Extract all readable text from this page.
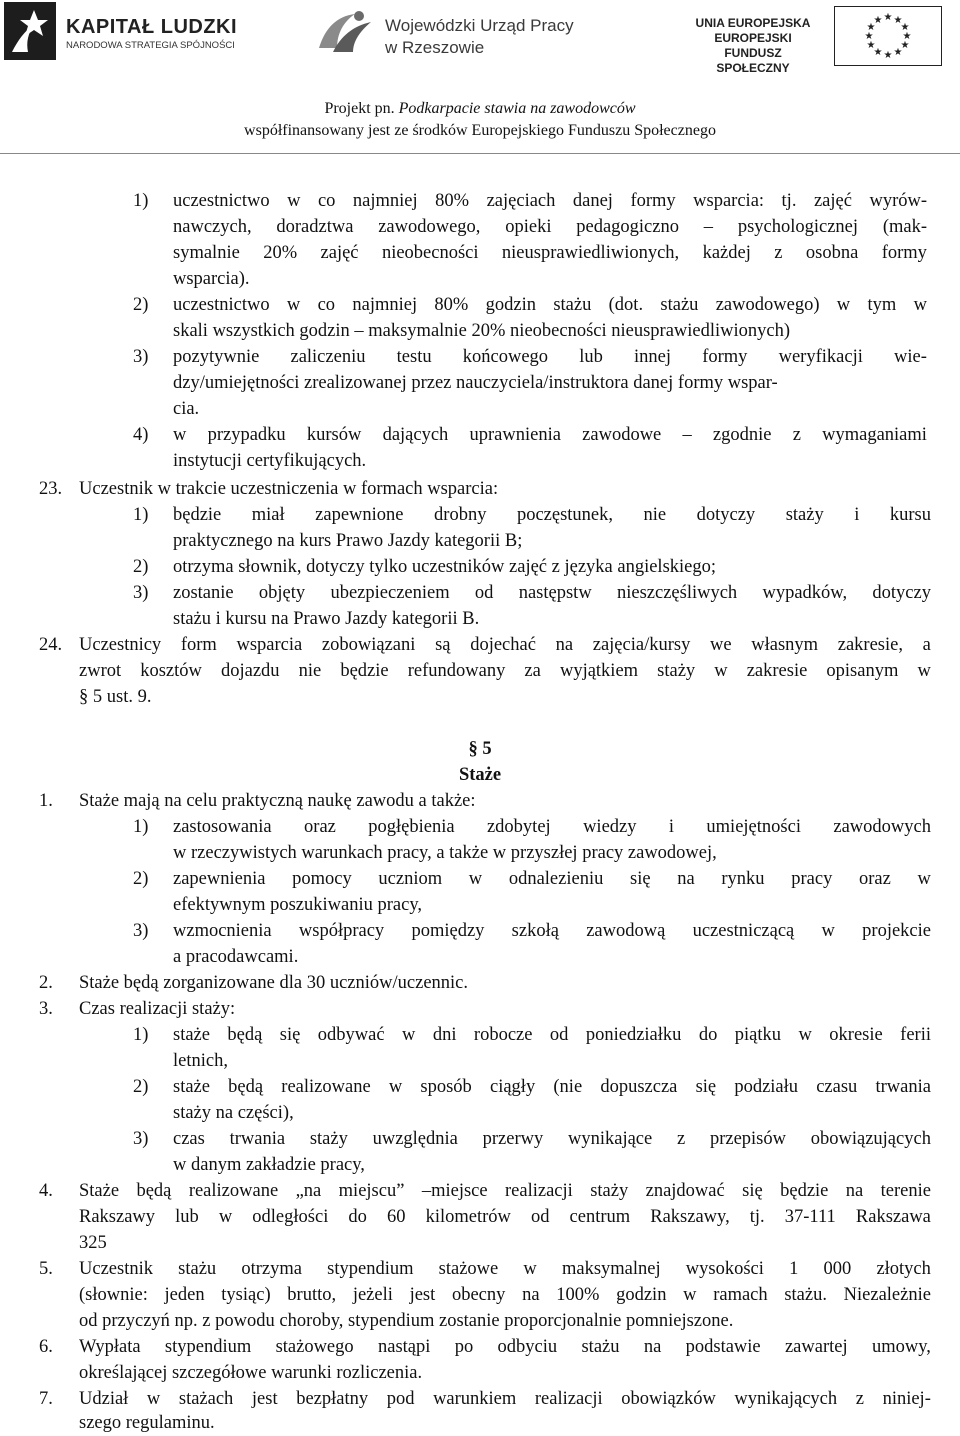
KAPITAŁ LUDZKI
NARODOWA STRATEGIA SPÓJNOŚCI
Wojewódzki Urząd Pracy
w Rzeszowie
UNIA EUROPEJSKA
EUROPEJSKI
FUNDUSZ SPOŁECZNY
★ ★
★
★
★
★
★
★
★
★
★
★
Projekt pn. Podkarpacie stawia na zawodowców
współfinansowany jest ze środków Europejskiego Funduszu Społecznego
1) uczestnictwo w co najmniej 80% zajęciach danej formy wsparcia: tj. zajęć wyrów-
nawczych, doradztwa zawodowego, opieki pedagogiczno – psychologicznej (mak-
symalnie 20% zajęć nieobecności nieusprawiedliwionych, każdej z osobna formy
wsparcia).
2) uczestnictwo w co najmniej 80% godzin stażu (dot. stażu zawodowego) w tym w
skali wszystkich godzin – maksymalnie 20% nieobecności nieusprawiedliwionych)
3) pozytywnie zaliczeniu testu końcowego lub innej formy weryfikacji wie-
dzy/umiejętności zrealizowanej przez nauczyciela/instruktora danej formy wspar-
cia.
4) w przypadku kursów dających uprawnienia zawodowe – zgodnie z wymaganiami
instytucji certyfikujących.
23. Uczestnik w trakcie uczestniczenia w formach wsparcia:
1) będzie miał zapewnione drobny poczęstunek, nie dotyczy staży i kursu
praktycznego na kurs Prawo Jazdy kategorii B;
2) otrzyma słownik, dotyczy tylko uczestników zajęć z języka angielskiego;
3) zostanie objęty ubezpieczeniem od następstw nieszczęśliwych wypadków, dotyczy
stażu i kursu na Prawo Jazdy kategorii B.
24. Uczestnicy form wsparcia zobowiązani są dojechać na zajęcia/kursy we własnym zakresie, a
zwrot kosztów dojazdu nie będzie refundowany za wyjątkiem staży w zakresie opisanym w
§ 5 ust. 9.
§ 5
Staże
1. Staże mają na celu praktyczną naukę zawodu a także:
1) zastosowania oraz pogłębienia zdobytej wiedzy i umiejętności zawodowych
w rzeczywistych warunkach pracy, a także w przyszłej pracy zawodowej,
2) zapewnienia pomocy uczniom w odnalezieniu się na rynku pracy oraz w
efektywnym poszukiwaniu pracy,
3) wzmocnienia współpracy pomiędzy szkołą zawodową uczestniczącą w projekcie
a pracodawcami.
2. Staże będą zorganizowane dla 30 uczniów/uczennic.
3. Czas realizacji staży:
1) staże będą się odbywać w dni robocze od poniedziałku do piątku w okresie ferii
letnich,
2) staże będą realizowane w sposób ciągły (nie dopuszcza się podziału czasu trwania
staży na części),
3) czas trwania staży uwzględnia przerwy wynikające z przepisów obowiązujących
w danym zakładzie pracy,
4. Staże będą realizowane „na miejscu” –miejsce realizacji staży znajdować się będzie na terenie
Rakszawy lub w odległości do 60 kilometrów od centrum Rakszawy, tj. 37-111 Rakszawa
325
5. Uczestnik stażu otrzyma stypendium stażowe w maksymalnej wysokości 1 000 złotych
(słownie: jeden tysiąc) brutto, jeżeli jest obecny na 100% godzin w ramach stażu. Niezależnie
od przyczyń np. z powodu choroby, stypendium zostanie proporcjonalnie pomniejszone.
6. Wypłata stypendium stażowego nastąpi po odbyciu stażu na podstawie zawartej umowy,
określającej szczegółowe warunki rozliczenia.
7. Udział w stażach jest bezpłatny pod warunkiem realizacji obowiązków wynikających z niniej-
szego regulaminu.
